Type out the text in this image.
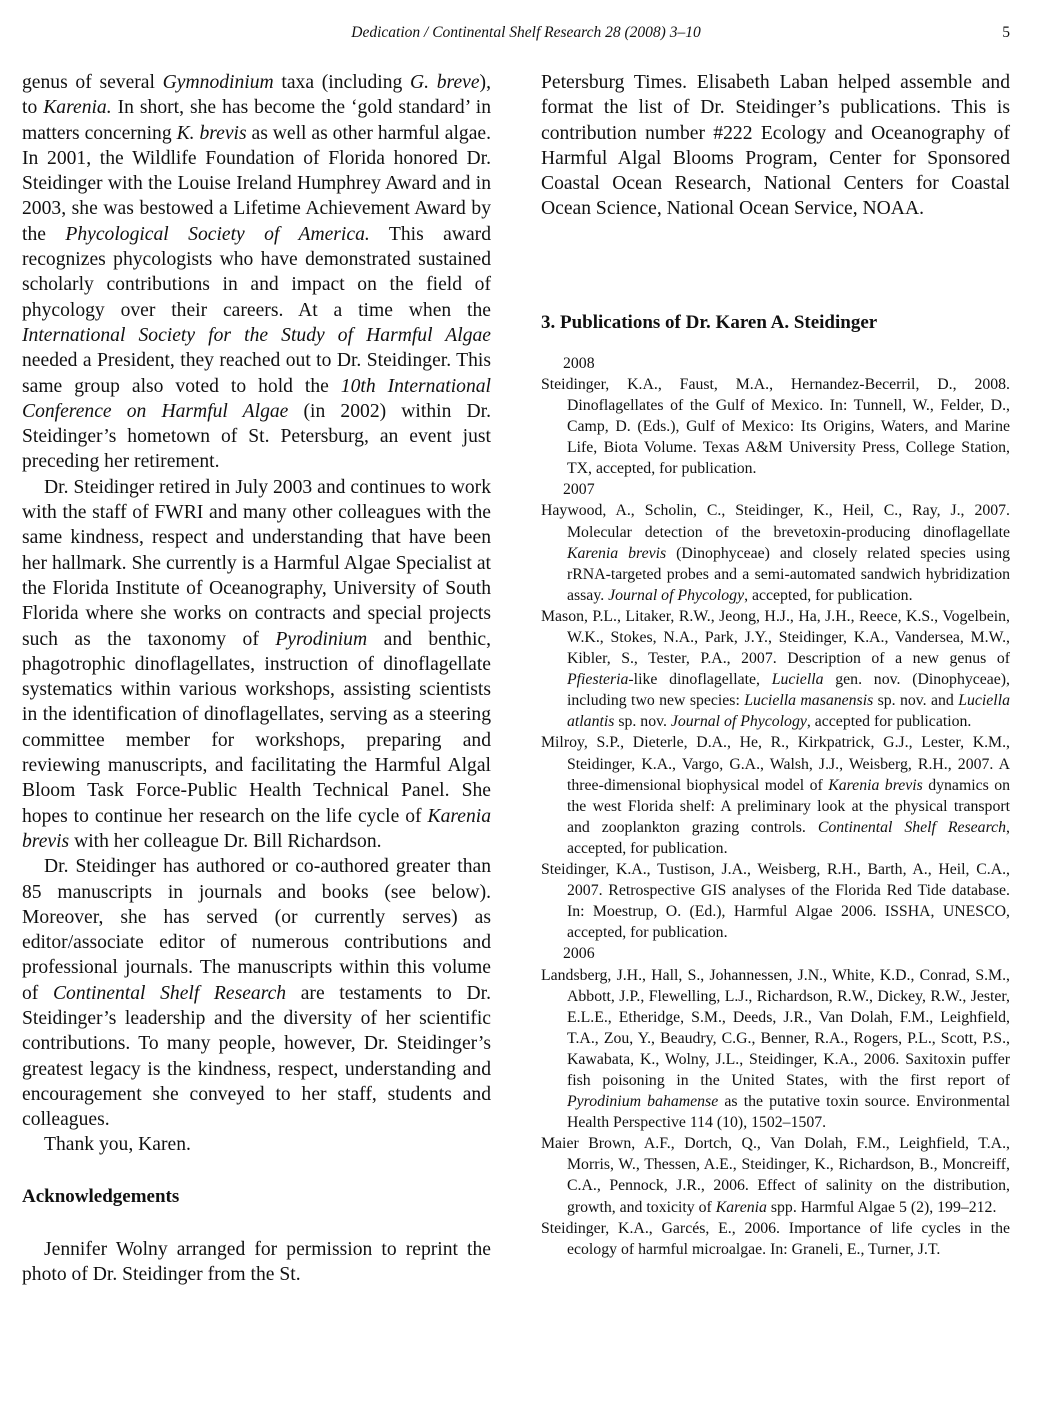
Dedication / Continental Shelf Research 28 (2008) 3–10	5

genus of several Gymnodinium taxa (including G. breve), to Karenia. In short, she has become the ‘gold standard’ in matters concerning K. brevis as well as other harmful algae. In 2001, the Wildlife Foundation of Florida honored Dr. Steidinger with the Louise Ireland Humphrey Award and in 2003, she was bestowed a Lifetime Achievement Award by the Phycological Society of America. This award recognizes phycologists who have demonstrated sustained scholarly contributions in and impact on the field of phycology over their careers. At a time when the International Society for the Study of Harmful Algae needed a President, they reached out to Dr. Steidinger. This same group also voted to hold the 10th International Conference on Harmful Algae (in 2002) within Dr. Steidinger’s hometown of St. Petersburg, an event just preceding her retirement.

Dr. Steidinger retired in July 2003 and continues to work with the staff of FWRI and many other colleagues with the same kindness, respect and understanding that have been her hallmark. She currently is a Harmful Algae Specialist at the Florida Institute of Oceanography, University of South Florida where she works on contracts and special projects such as the taxonomy of Pyrodinium and benthic, phagotrophic dinoflagellates, instruction of dinoflagellate systematics within various workshops, assisting scientists in the identification of dinoflagellates, serving as a steering committee member for workshops, preparing and reviewing manuscripts, and facilitating the Harmful Algal Bloom Task Force-Public Health Technical Panel. She hopes to continue her research on the life cycle of Karenia brevis with her colleague Dr. Bill Richardson.

Dr. Steidinger has authored or co-authored greater than 85 manuscripts in journals and books (see below). Moreover, she has served (or currently serves) as editor/associate editor of numerous contributions and professional journals. The manuscripts within this volume of Continental Shelf Research are testaments to Dr. Steidinger’s leadership and the diversity of her scientific contributions. To many people, however, Dr. Steidinger’s greatest legacy is the kindness, respect, understanding and encouragement she conveyed to her staff, students and colleagues.

Thank you, Karen.

Acknowledgements

Jennifer Wolny arranged for permission to reprint the photo of Dr. Steidinger from the St.

Petersburg Times. Elisabeth Laban helped assemble and format the list of Dr. Steidinger’s publications. This is contribution number #222 Ecology and Oceanography of Harmful Algal Blooms Program, Center for Sponsored Coastal Ocean Research, National Centers for Coastal Ocean Science, National Ocean Service, NOAA.

3. Publications of Dr. Karen A. Steidinger

2008

Steidinger, K.A., Faust, M.A., Hernandez-Becerril, D., 2008. Dinoflagellates of the Gulf of Mexico. In: Tunnell, W., Felder, D., Camp, D. (Eds.), Gulf of Mexico: Its Origins, Waters, and Marine Life, Biota Volume. Texas A&M University Press, College Station, TX, accepted, for publication.

2007

Haywood, A., Scholin, C., Steidinger, K., Heil, C., Ray, J., 2007. Molecular detection of the brevetoxin-producing dinoflagellate Karenia brevis (Dinophyceae) and closely related species using rRNA-targeted probes and a semi-automated sandwich hybridization assay. Journal of Phycology, accepted, for publication.

Mason, P.L., Litaker, R.W., Jeong, H.J., Ha, J.H., Reece, K.S., Vogelbein, W.K., Stokes, N.A., Park, J.Y., Steidinger, K.A., Vandersea, M.W., Kibler, S., Tester, P.A., 2007. Description of a new genus of Pfiesteria-like dinoflagellate, Luciella gen. nov. (Dinophyceae), including two new species: Luciella masanensis sp. nov. and Luciella atlantis sp. nov. Journal of Phycology, accepted for publication.

Milroy, S.P., Dieterle, D.A., He, R., Kirkpatrick, G.J., Lester, K.M., Steidinger, K.A., Vargo, G.A., Walsh, J.J., Weisberg, R.H., 2007. A three-dimensional biophysical model of Karenia brevis dynamics on the west Florida shelf: A preliminary look at the physical transport and zooplankton grazing controls. Continental Shelf Research, accepted, for publication.

Steidinger, K.A., Tustison, J.A., Weisberg, R.H., Barth, A., Heil, C.A., 2007. Retrospective GIS analyses of the Florida Red Tide database. In: Moestrup, O. (Ed.), Harmful Algae 2006. ISSHA, UNESCO, accepted, for publication.

2006

Landsberg, J.H., Hall, S., Johannessen, J.N., White, K.D., Conrad, S.M., Abbott, J.P., Flewelling, L.J., Richardson, R.W., Dickey, R.W., Jester, E.L.E., Etheridge, S.M., Deeds, J.R., Van Dolah, F.M., Leighfield, T.A., Zou, Y., Beaudry, C.G., Benner, R.A., Rogers, P.L., Scott, P.S., Kawabata, K., Wolny, J.L., Steidinger, K.A., 2006. Saxitoxin puffer fish poisoning in the United States, with the first report of Pyrodinium bahamense as the putative toxin source. Environmental Health Perspective 114 (10), 1502–1507.

Maier Brown, A.F., Dortch, Q., Van Dolah, F.M., Leighfield, T.A., Morris, W., Thessen, A.E., Steidinger, K., Richardson, B., Moncreiff, C.A., Pennock, J.R., 2006. Effect of salinity on the distribution, growth, and toxicity of Karenia spp. Harmful Algae 5 (2), 199–212.

Steidinger, K.A., Garcés, E., 2006. Importance of life cycles in the ecology of harmful microalgae. In: Graneli, E., Turner, J.T.
